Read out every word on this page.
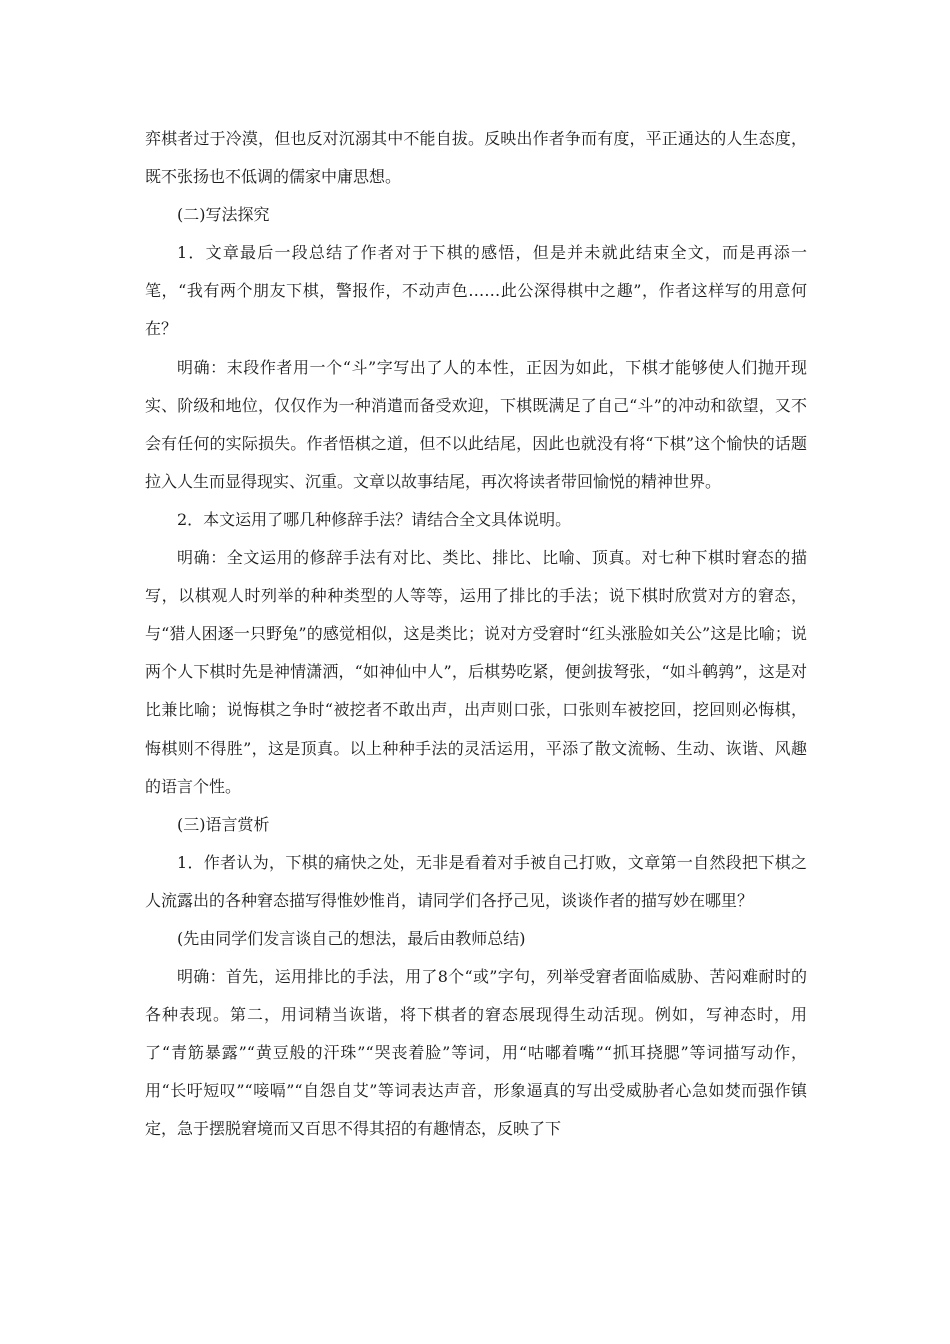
弈棋者过于冷漠，但也反对沉溺其中不能自拔。反映出作者争而有度，平正通达的人生态度，既不张扬也不低调的儒家中庸思想。

(二)写法探究

1．文章最后一段总结了作者对于下棋的感悟，但是并未就此结束全文，而是再添一笔，“我有两个朋友下棋，警报作，不动声色……此公深得棋中之趣”，作者这样写的用意何在？

明确：末段作者用一个“斗”字写出了人的本性，正因为如此，下棋才能够使人们抛开现实、阶级和地位，仅仅作为一种消遣而备受欢迎，下棋既满足了自己“斗”的冲动和欲望，又不会有任何的实际损失。作者悟棋之道，但不以此结尾，因此也就没有将“下棋”这个愉快的话题拉入人生而显得现实、沉重。文章以故事结尾，再次将读者带回愉悦的精神世界。

2．本文运用了哪几种修辞手法？请结合全文具体说明。

明确：全文运用的修辞手法有对比、类比、排比、比喻、顶真。对七种下棋时窘态的描写，以棋观人时列举的种种类型的人等等，运用了排比的手法；说下棋时欣赏对方的窘态，与“猎人困逐一只野兔”的感觉相似，这是类比；说对方受窘时“红头涨脸如关公”这是比喻；说两个人下棋时先是神情潇洒，“如神仙中人”，后棋势吃紧，便剑拔弩张，“如斗鹌鹑”，这是对比兼比喻；说悔棋之争时“被挖者不敢出声，出声则口张，口张则车被挖回，挖回则必悔棋，悔棋则不得胜”，这是顶真。以上种种手法的灵活运用，平添了散文流畅、生动、诙谐、风趣的语言个性。

(三)语言赏析

1．作者认为，下棋的痛快之处，无非是看着对手被自己打败，文章第一自然段把下棋之人流露出的各种窘态描写得惟妙惟肖，请同学们各抒己见，谈谈作者的描写妙在哪里？

(先由同学们发言谈自己的想法，最后由教师总结)

明确：首先，运用排比的手法，用了8个“或”字句，列举受窘者面临威胁、苦闷难耐时的各种表现。第二，用词精当诙谐，将下棋者的窘态展现得生动活现。例如，写神态时，用了“青筋暴露”“黄豆般的汗珠”“哭丧着脸”等词，用“咕嘟着嘴”“抓耳挠腮”等词描写动作，用“长吁短叹”“唼嗝”“自怨自艾”等词表达声音，形象逼真的写出受威胁者心急如焚而强作镇定，急于摆脱窘境而又百思不得其招的有趣情态，反映了下
